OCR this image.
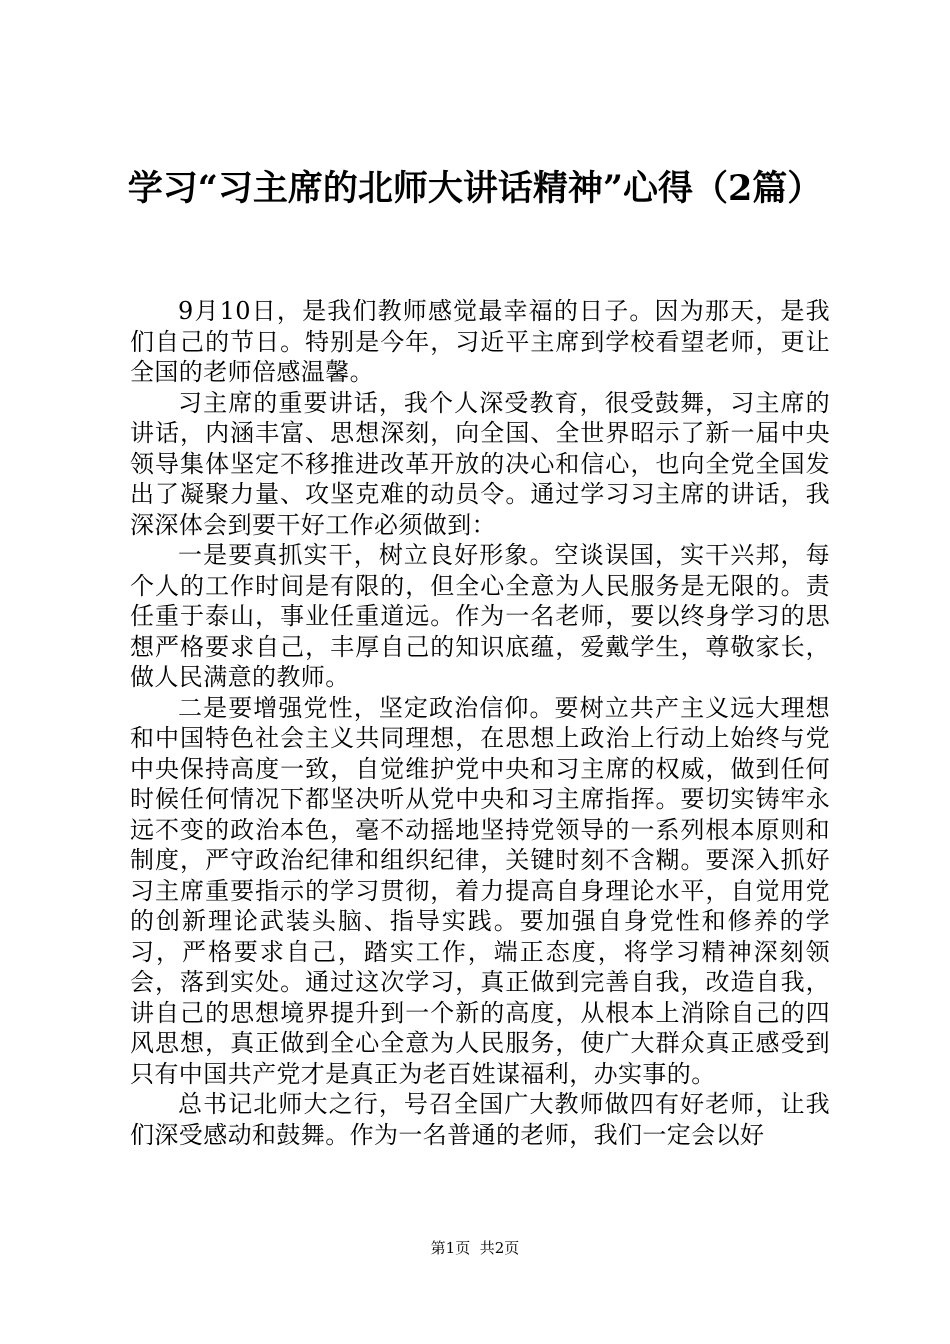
学习“习主席的北师大讲话精神”心得（2篇）

9月10日，是我们教师感觉最幸福的日子。因为那天，是我们自己的节日。特别是今年，习近平主席到学校看望老师，更让全国的老师倍感温馨。

习主席的重要讲话，我个人深受教育，很受鼓舞，习主席的讲话，内涵丰富、思想深刻，向全国、全世界昭示了新一届中央领导集体坚定不移推进改革开放的决心和信心，也向全党全国发出了凝聚力量、攻坚克难的动员令。通过学习习主席的讲话，我深深体会到要干好工作必须做到：

一是要真抓实干，树立良好形象。空谈误国，实干兴邦，每个人的工作时间是有限的，但全心全意为人民服务是无限的。责任重于泰山，事业任重道远。作为一名老师，要以终身学习的思想严格要求自己，丰厚自己的知识底蕴，爱戴学生，尊敬家长，做人民满意的教师。

二是要增强党性，坚定政治信仰。要树立共产主义远大理想和中国特色社会主义共同理想，在思想上政治上行动上始终与党中央保持高度一致，自觉维护党中央和习主席的权威，做到任何时候任何情况下都坚决听从党中央和习主席指挥。要切实铸牢永远不变的政治本色，毫不动摇地坚持党领导的一系列根本原则和制度，严守政治纪律和组织纪律，关键时刻不含糊。要深入抓好习主席重要指示的学习贯彻，着力提高自身理论水平，自觉用党的创新理论武装头脑、指导实践。要加强自身党性和修养的学习，严格要求自己，踏实工作，端正态度，将学习精神深刻领会，落到实处。通过这次学习，真正做到完善自我，改造自我，讲自己的思想境界提升到一个新的高度，从根本上消除自己的四风思想，真正做到全心全意为人民服务，使广大群众真正感受到只有中国共产党才是真正为老百姓谋福利，办实事的。

总书记北师大之行，号召全国广大教师做四有好老师，让我们深受感动和鼓舞。作为一名普通的老师，我们一定会以好

第1页 共2页
